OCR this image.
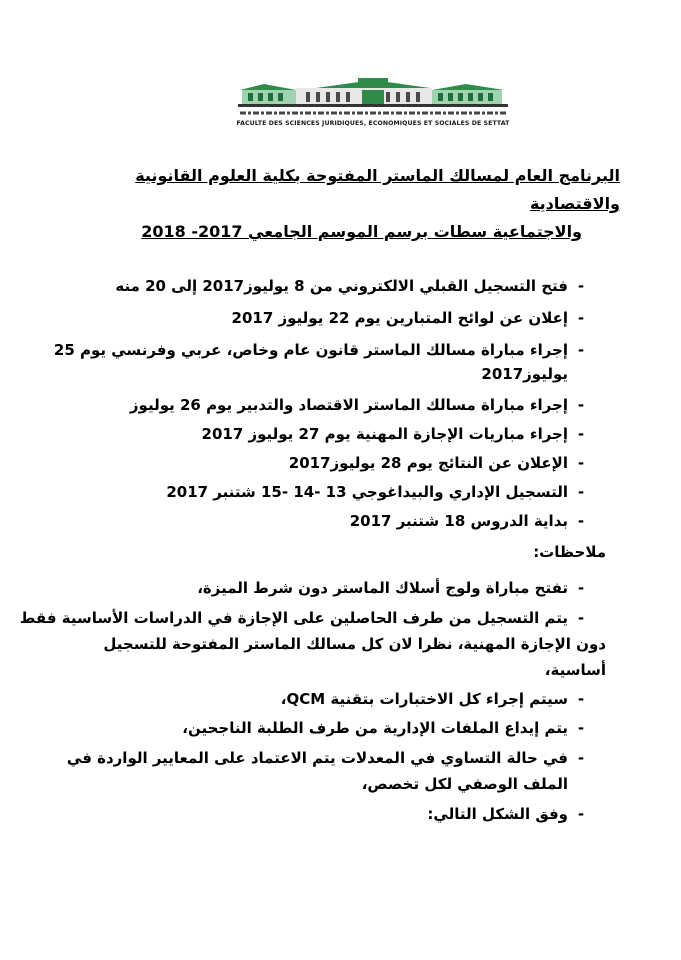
FACULTE DES SCIENCES JURIDIQUES, ECONOMIQUES ET SOCIALES DE SETTAT
البرنامج العام لمسالك الماستر المفتوحة بكلية العلوم القانونية والاقتصادية
والاجتماعية سطات برسم الموسم الجامعي 2017- 2018
-
فتح التسجيل القبلي الالكتروني من 8 يوليوز2017 إلى 20 منه
-
إعلان عن لوائح المتبارين يوم 22 يوليوز 2017
-
إجراء مباراة مسالك الماستر قانون عام وخاص، عربي وفرنسي يوم 25
يوليوز2017
-
إجراء مباراة مسالك الماستر الاقتصاد والتدبير يوم 26 يوليوز
-
إجراء مباريات الإجازة المهنية يوم 27 يوليوز 2017
-
الإعلان عن النتائج يوم 28 يوليوز2017
-
التسجيل الإداري والبيداغوجي 13 -14 -15 شتنبر 2017
-
بداية الدروس 18 شتنبر 2017
ملاحظات:
-
تفتح مباراة ولوج أسلاك الماستر دون شرط الميزة،
-
يتم التسجيل من طرف الحاصلين على الإجازة في الدراسات الأساسية فقط
دون الإجازة المهنية، نظرا لان كل مسالك الماستر المفتوحة للتسجيل
أساسية،
-
سيتم إجراء كل الاختبارات بتقنية QCM،
-
يتم إيداع الملفات الإدارية من طرف الطلبة الناجحين،
-
في حالة التساوي في المعدلات يتم الاعتماد على المعايير الواردة في
الملف الوصفي لكل تخصص،
-
وفق الشكل التالي:
